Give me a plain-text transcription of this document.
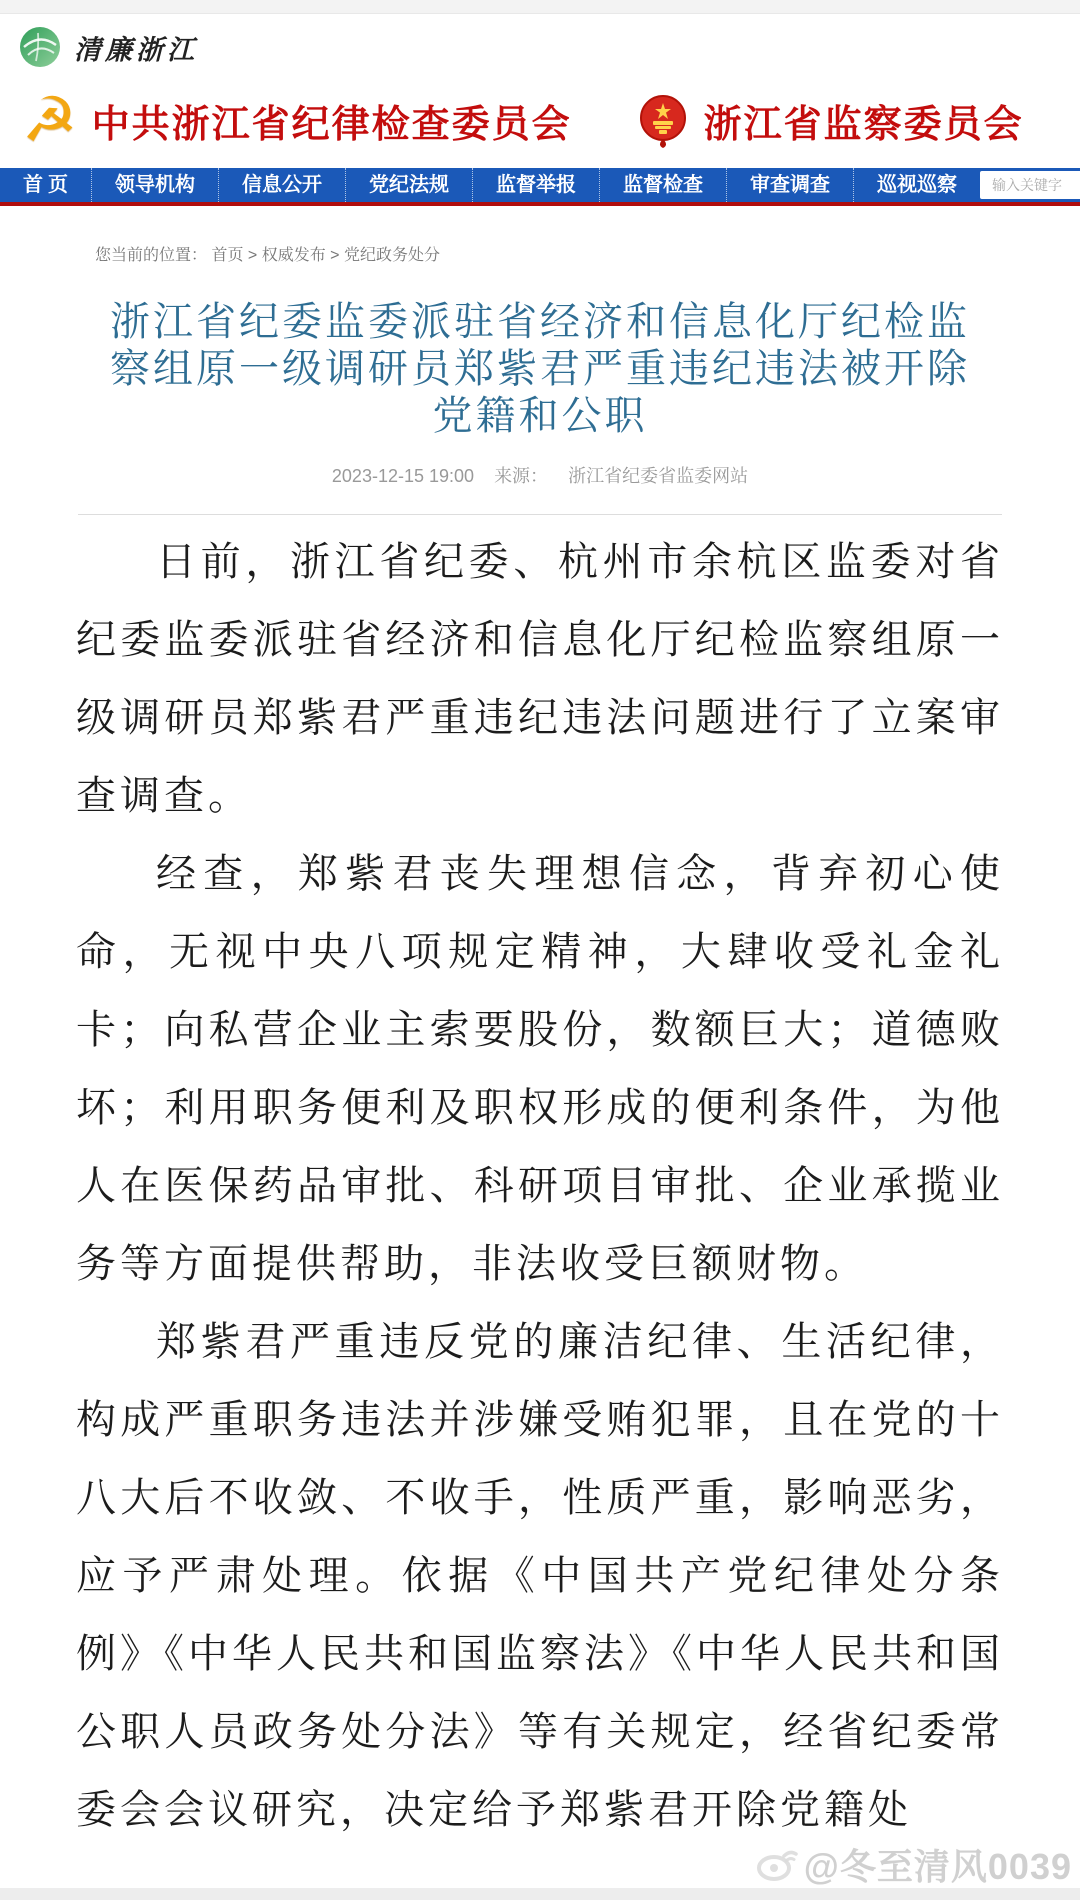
清廉浙江
☭ 中共浙江省纪律检查委员会	浙江省监察委员会
首 页	领导机构	信息公开	党纪法规	监督举报	监督检查	审查调查	巡视巡察
输入关键字
您当前的位置： 首页 > 权威发布 > 党纪政务处分
浙江省纪委监委派驻省经济和信息化厅纪检监察组原一级调研员郑紫君严重违纪违法被开除党籍和公职
2023-12-15 19:00 来源： 浙江省纪委省监委网站

日前，浙江省纪委、杭州市余杭区监委对省纪委监委派驻省经济和信息化厅纪检监察组原一级调研员郑紫君严重违纪违法问题进行了立案审查调查。

经查，郑紫君丧失理想信念，背弃初心使命，无视中央八项规定精神，大肆收受礼金礼卡；向私营企业主索要股份，数额巨大；道德败坏；利用职务便利及职权形成的便利条件，为他人在医保药品审批、科研项目审批、企业承揽业务等方面提供帮助，非法收受巨额财物。

郑紫君严重违反党的廉洁纪律、生活纪律，构成严重职务违法并涉嫌受贿犯罪，且在党的十八大后不收敛、不收手，性质严重，影响恶劣，应予严肃处理。依据《中国共产党纪律处分条例》《中华人民共和国监察法》《中华人民共和国公职人员政务处分法》等有关规定，经省纪委常委会会议研究，决定给予郑紫君开除党籍处

@冬至清风0039
